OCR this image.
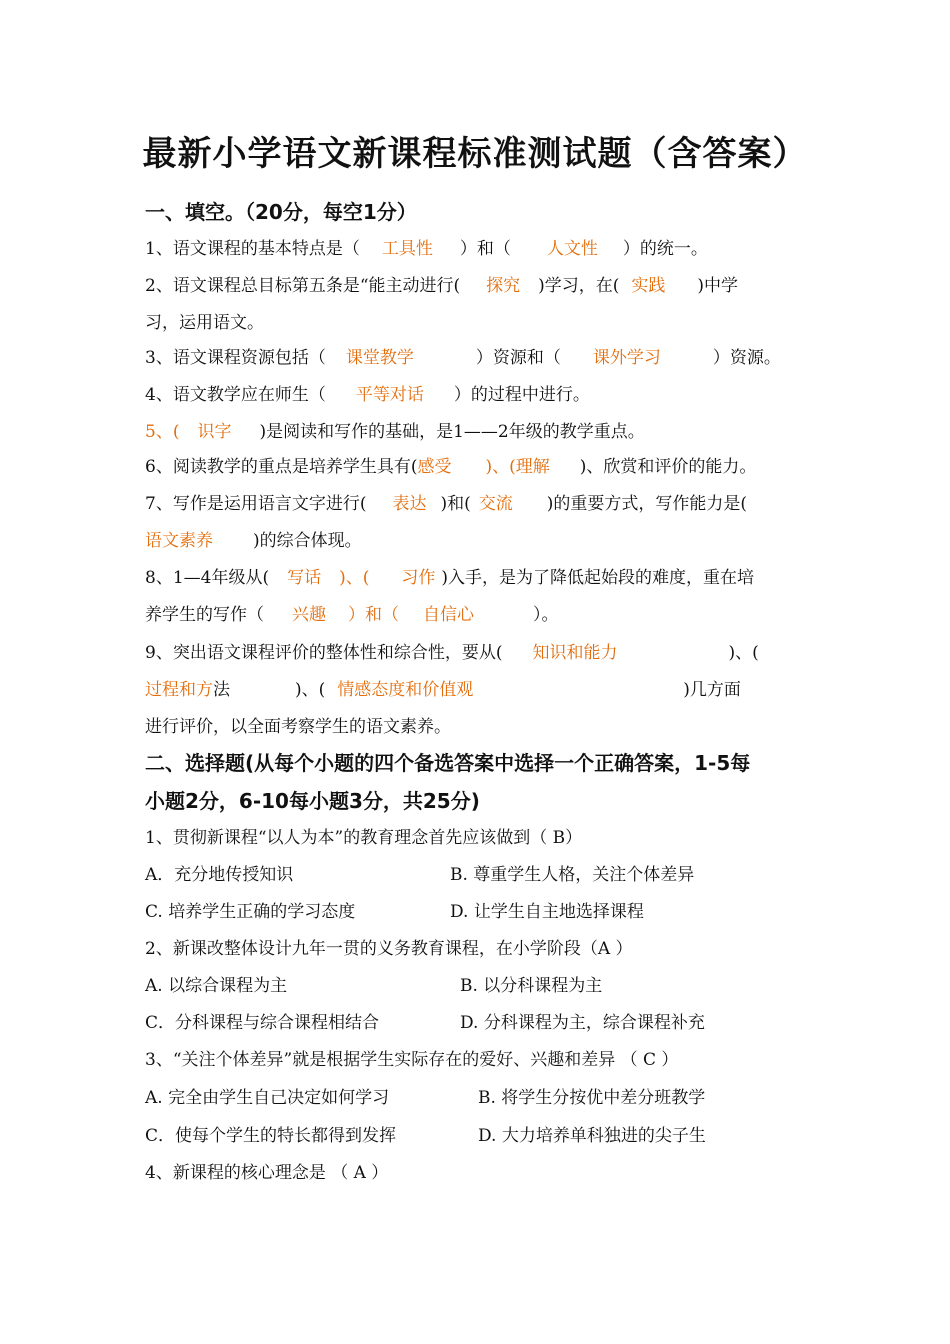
最新小学语文新课程标准测试题（含答案）
一、填空。（20分，每空1分）
1、语文课程的基本特点是（ 工具性 ）和（ 人文性 ）的统一。
2、语文课程总目标第五条是“能主动进行( 探究 )学习，在( 实践 )中学
习，运用语文。
3、语文课程资源包括（ 课堂教学	）资源和（ 课外学习	）资源。
4、语文教学应在师生（ 平等对话 ）的过程中进行。
5、( 识字 )是阅读和写作的基础，是1——2年级的教学重点。
6、阅读教学的重点是培养学生具有(感受 )、(理解 )、欣赏和评价的能力。
7、写作是运用语言文字进行( 表达 )和( 交流 )的重要方式，写作能力是(
语文素养 )的综合体现。
8、1—4年级从( 写话 )、( 习作 )入手，是为了降低起始段的难度，重在培
养学生的写作（ 兴趣 ）和（ 自信心	）。
9、突出语文课程评价的整体性和综合性，要从( 知识和能力	)、(
过程和方法	)、( 情感态度和价值观	)几方面
进行评价，以全面考察学生的语文素养。
二、选择题(从每个小题的四个备选答案中选择一个正确答案，1-5每
小题2分，6-10每小题3分，共25分)
1、贯彻新课程“以人为本”的教育理念首先应该做到（ B）
A．充分地传授知识	B. 尊重学生人格，关注个体差异
C. 培养学生正确的学习态度	D. 让学生自主地选择课程
2、新课改整体设计九年一贯的义务教育课程，在小学阶段（A ）
A. 以综合课程为主	B. 以分科课程为主
C．分科课程与综合课程相结合	D. 分科课程为主，综合课程补充
3、“关注个体差异”就是根据学生实际存在的爱好、兴趣和差异 （ C ）
A. 完全由学生自己决定如何学习	B. 将学生分按优中差分班教学
C．使每个学生的特长都得到发挥	D. 大力培养单科独进的尖子生
4、新课程的核心理念是 （ A ）
